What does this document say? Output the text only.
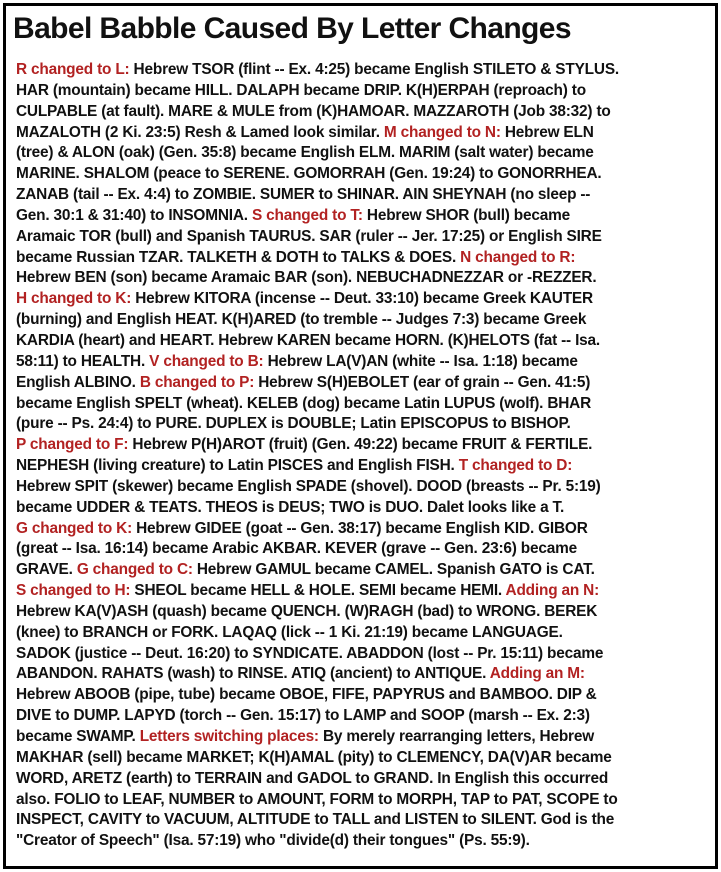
Babel Babble Caused By Letter Changes
R changed to L: Hebrew TSOR (flint -- Ex. 4:25) became English STILETO & STYLUS.
HAR (mountain) became HILL. DALAPH became DRIP. K(H)ERPAH (reproach) to
CULPABLE (at fault). MARE & MULE from (K)HAMOAR. MAZZAROTH (Job 38:32) to
MAZALOTH (2 Ki. 23:5) Resh & Lamed look similar. M changed to N: Hebrew ELN
(tree) & ALON (oak) (Gen. 35:8) became English ELM. MARIM (salt water) became
MARINE. SHALOM (peace to SERENE. GOMORRAH (Gen. 19:24) to GONORRHEA.
ZANAB (tail -- Ex. 4:4) to ZOMBIE. SUMER to SHINAR. AIN SHEYNAH (no sleep --
Gen. 30:1 & 31:40) to INSOMNIA. S changed to T: Hebrew SHOR (bull) became
Aramaic TOR (bull) and Spanish TAURUS. SAR (ruler -- Jer. 17:25) or English SIRE
became Russian TZAR. TALKETH & DOTH to TALKS & DOES. N changed to R:
Hebrew BEN (son) became Aramaic BAR (son). NEBUCHADNEZZAR or -REZZER.
H changed to K: Hebrew KITORA (incense -- Deut. 33:10) became Greek KAUTER
(burning) and English HEAT. K(H)ARED (to tremble -- Judges 7:3) became Greek
KARDIA (heart) and HEART. Hebrew KAREN became HORN. (K)HELOTS (fat -- Isa.
58:11) to HEALTH. V changed to B: Hebrew LA(V)AN (white -- Isa. 1:18) became
English ALBINO. B changed to P: Hebrew S(H)EBOLET (ear of grain -- Gen. 41:5)
became English SPELT (wheat). KELEB (dog) became Latin LUPUS (wolf). BHAR
(pure -- Ps. 24:4) to PURE. DUPLEX is DOUBLE; Latin EPISCOPUS to BISHOP.
P changed to F: Hebrew P(H)AROT (fruit) (Gen. 49:22) became FRUIT & FERTILE.
NEPHESH (living creature) to Latin PISCES and English FISH. T changed to D:
Hebrew SPIT (skewer) became English SPADE (shovel). DOOD (breasts -- Pr. 5:19)
became UDDER & TEATS. THEOS is DEUS; TWO is DUO. Dalet looks like a T.
G changed to K: Hebrew GIDEE (goat -- Gen. 38:17) became English KID. GIBOR
(great -- Isa. 16:14) became Arabic AKBAR. KEVER (grave -- Gen. 23:6) became
GRAVE. G changed to C: Hebrew GAMUL became CAMEL. Spanish GATO is CAT.
S changed to H: SHEOL became HELL & HOLE. SEMI became HEMI. Adding an N:
Hebrew KA(V)ASH (quash) became QUENCH. (W)RAGH (bad) to WRONG. BEREK
(knee) to BRANCH or FORK. LAQAQ (lick -- 1 Ki. 21:19) became LANGUAGE.
SADOK (justice -- Deut. 16:20) to SYNDICATE. ABADDON (lost -- Pr. 15:11) became
ABANDON. RAHATS (wash) to RINSE. ATIQ (ancient) to ANTIQUE. Adding an M:
Hebrew ABOOB (pipe, tube) became OBOE, FIFE, PAPYRUS and BAMBOO. DIP &
DIVE to DUMP. LAPYD (torch -- Gen. 15:17) to LAMP and SOOP (marsh -- Ex. 2:3)
became SWAMP. Letters switching places: By merely rearranging letters, Hebrew
MAKHAR (sell) became MARKET; K(H)AMAL (pity) to CLEMENCY, DA(V)AR became
WORD, ARETZ (earth) to TERRAIN and GADOL to GRAND. In English this occurred
also. FOLIO to LEAF, NUMBER to AMOUNT, FORM to MORPH, TAP to PAT, SCOPE to
INSPECT, CAVITY to VACUUM, ALTITUDE to TALL and LISTEN to SILENT. God is the
"Creator of Speech" (Isa. 57:19) who "divide(d) their tongues" (Ps. 55:9).
